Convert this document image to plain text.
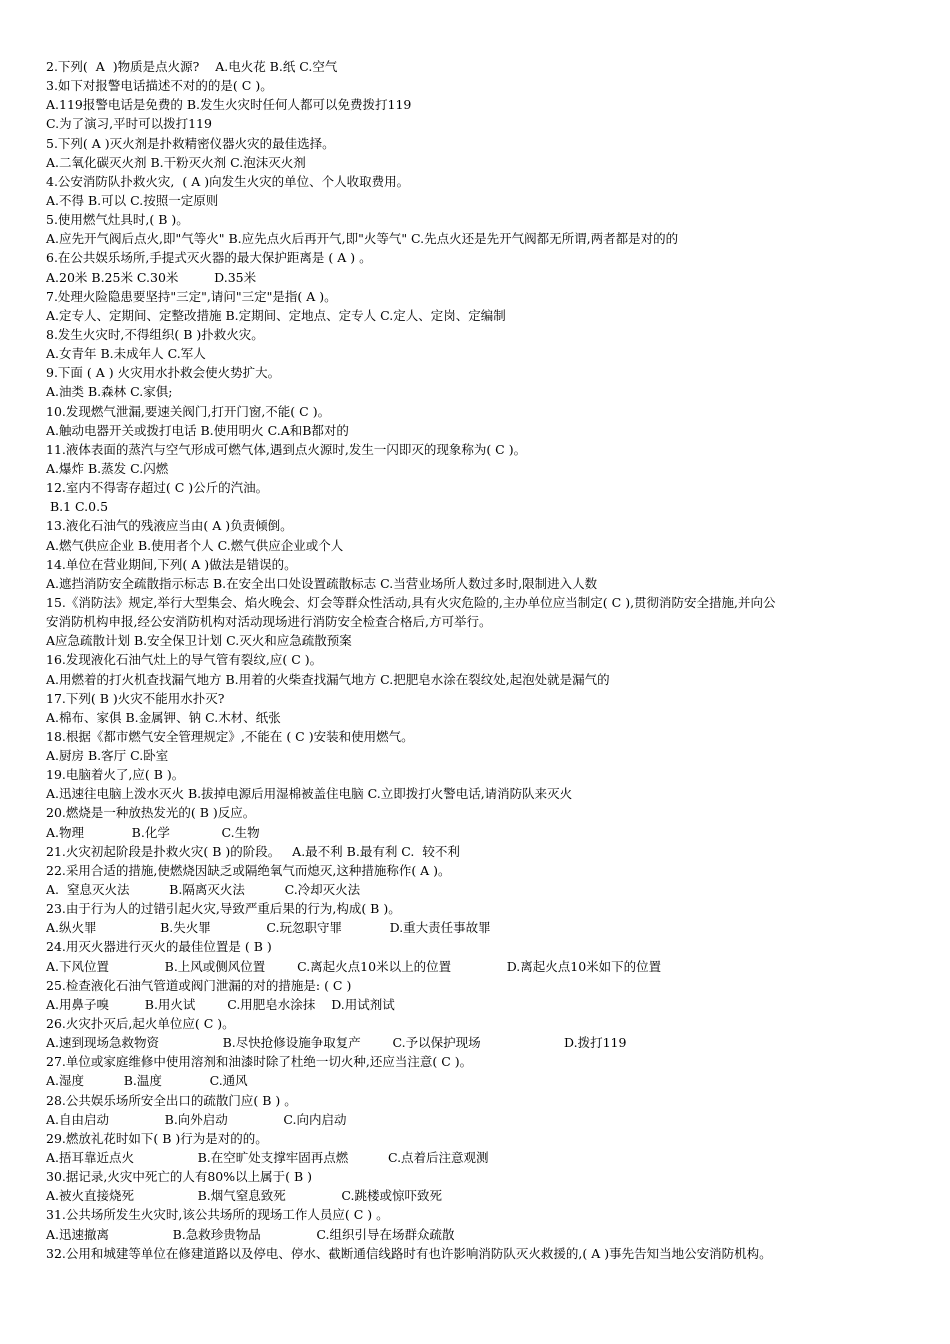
2.下列(  A  )物质是点火源?    A.电火花 B.纸 C.空气
3.如下对报警电话描述不对的的是( C )。
A.119报警电话是免费的 B.发生火灾时任何人都可以免费拨打119
C.为了演习,平时可以拨打119
5.下列( A )灭火剂是扑救精密仪器火灾的最佳选择。
A.二氧化碳灭火剂 B.干粉灭火剂 C.泡沫灭火剂
4.公安消防队扑救火灾,  ( A )向发生火灾的单位、个人收取费用。
A.不得 B.可以 C.按照一定原则
5.使用燃气灶具时,( B )。
A.应先开气阀后点火,即"气等火" B.应先点火后再开气,即"火等气" C.先点火还是先开气阀都无所谓,两者都是对的的
6.在公共娱乐场所,手提式灭火器的最大保护距离是 ( A ) 。
A.20米 B.25米 C.30米         D.35米
7.处理火险隐患要坚持"三定",请问"三定"是指( A )。
A.定专人、定期间、定整改措施 B.定期间、定地点、定专人 C.定人、定岗、定编制
8.发生火灾时,不得组织( B )扑救火灾。
A.女青年 B.未成年人 C.军人
9.下面 ( A ) 火灾用水扑救会使火势扩大。
A.油类 B.森林 C.家俱;
10.发现燃气泄漏,要速关阀门,打开门窗,不能( C )。
A.触动电器开关或拨打电话 B.使用明火 C.A和B都对的
11.液体表面的蒸汽与空气形成可燃气体,遇到点火源时,发生一闪即灭的现象称为( C )。
A.爆炸 B.蒸发 C.闪燃
12.室内不得寄存超过( C )公斤的汽油。
B.1 C.0.5
13.液化石油气的残液应当由( A )负责倾倒。
A.燃气供应企业 B.使用者个人 C.燃气供应企业或个人
14.单位在营业期间,下列( A )做法是错误的。
A.遮挡消防安全疏散指示标志 B.在安全出口处设置疏散标志 C.当营业场所人数过多时,限制进入人数
15.《消防法》规定,举行大型集会、焰火晚会、灯会等群众性活动,具有火灾危险的,主办单位应当制定( C ),贯彻消防安全措施,并向公
安消防机构申报,经公安消防机构对活动现场进行消防安全检查合格后,方可举行。
A应急疏散计划 B.安全保卫计划 C.灭火和应急疏散预案
16.发现液化石油气灶上的导气管有裂纹,应( C )。
A.用燃着的打火机查找漏气地方 B.用着的火柴查找漏气地方 C.把肥皂水涂在裂纹处,起泡处就是漏气的
17.下列( B )火灾不能用水扑灭?
A.棉布、家俱 B.金属钾、钠 C.木材、纸张
18.根据《都市燃气安全管理规定》,不能在 ( C )安装和使用燃气。
A.厨房 B.客厅 C.卧室
19.电脑着火了,应( B )。
A.迅速往电脑上泼水灭火 B.拔掉电源后用湿棉被盖住电脑 C.立即拨打火警电话,请消防队来灭火
20.燃烧是一种放热发光的( B )反应。
A.物理            B.化学             C.生物
21.火灾初起阶段是扑救火灾( B )的阶段。   A.最不利 B.最有利 C.  较不利
22.采用合适的措施,使燃烧因缺乏或隔绝氧气而熄灭,这种措施称作( A )。
A.  窒息灭火法          B.隔离灭火法          C.冷却灭火法
23.由于行为人的过错引起火灾,导致严重后果的行为,构成( B )。
A.纵火罪                B.失火罪              C.玩忽职守罪            D.重大责任事故罪
24.用灭火器进行灭火的最佳位置是 ( B )
A.下风位置              B.上风或侧风位置        C.离起火点10米以上的位置              D.离起火点10米如下的位置
25.检查液化石油气管道或阀门泄漏的对的措施是: ( C )
A.用鼻子嗅         B.用火试        C.用肥皂水涂抹    D.用试剂试
26.火灾扑灭后,起火单位应( C )。
A.速到现场急救物资                B.尽快抢修设施争取复产        C.予以保护现场                     D.拨打119
27.单位或家庭维修中使用溶剂和油漆时除了杜绝一切火种,还应当注意( C )。
A.湿度          B.温度            C.通风
28.公共娱乐场所安全出口的疏散门应( B ) 。
A.自由启动              B.向外启动              C.向内启动
29.燃放礼花时如下( B )行为是对的的。
A.捂耳靠近点火                B.在空旷处支撑牢固再点燃          C.点着后注意观测
30.据记录,火灾中死亡的人有80%以上属于( B )
A.被火直接烧死                B.烟气窒息致死              C.跳楼或惊吓致死
31.公共场所发生火灾时,该公共场所的现场工作人员应( C ) 。
A.迅速撤离                B.急救珍贵物品              C.组织引导在场群众疏散
32.公用和城建等单位在修建道路以及停电、停水、截断通信线路时有也许影响消防队灭火救援的,( A )事先告知当地公安消防机构。
